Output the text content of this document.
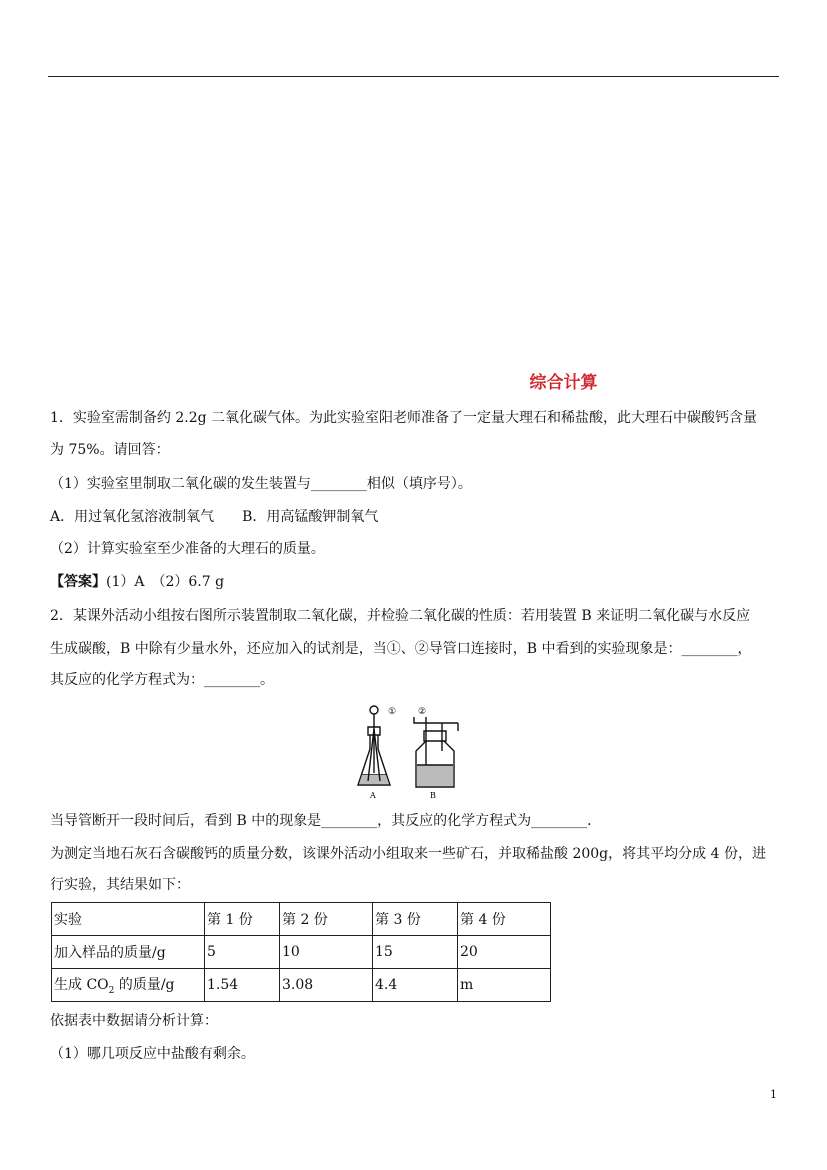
综合计算
1．实验室需制备约 2.2g 二氧化碳气体。为此实验室阳老师准备了一定量大理石和稀盐酸，此大理石中碳酸钙含量
为 75%。请回答：
（1）实验室里制取二氧化碳的发生装置与________相似（填序号）。
A．用过氧化氢溶液制氧气　　B．用高锰酸钾制氧气
（2）计算实验室至少准备的大理石的质量。
【答案】(1）A　（2）6.7 g
2．某课外活动小组按右图所示装置制取二氧化碳，并检验二氧化碳的性质：若用装置 B 来证明二氧化碳与水反应
生成碳酸，B 中除有少量水外，还应加入的试剂是，当①、②导管口连接时，B 中看到的实验现象是：________，
其反应的化学方程式为：________。
①
A
②
B
当导管断开一段时间后，看到 B 中的现象是________，其反应的化学方程式为________．
为测定当地石灰石含碳酸钙的质量分数，该课外活动小组取来一些矿石，并取稀盐酸 200g，将其平均分成 4 份，进
行实验，其结果如下：
实验	第 1 份	第 2 份	第 3 份	第 4 份
加入样品的质量/g	5	10	15	20
生成 $CO_2$ 的质量/g	1.54	3.08	4.4	m
依据表中数据请分析计算：
（1）哪几项反应中盐酸有剩余。
1
